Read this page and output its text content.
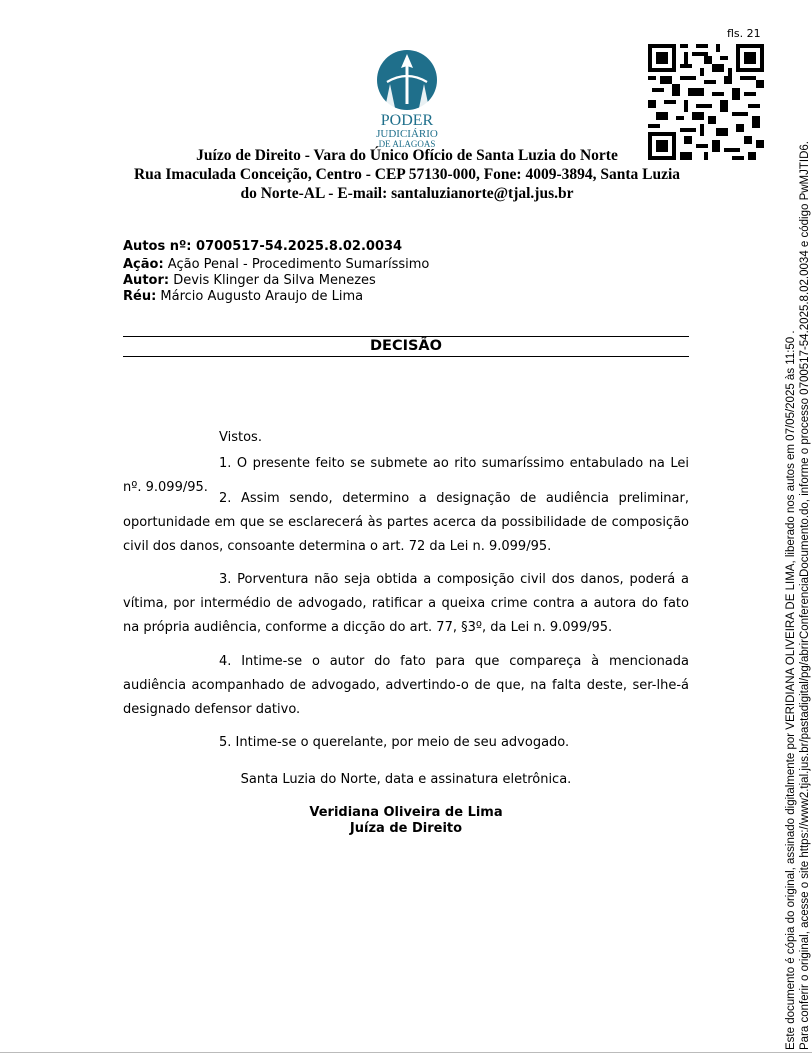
fls. 21
PODER
JUDICIÁRIO
DE ALAGOAS
Juízo de Direito - Vara do Único Ofício de Santa Luzia do Norte
Rua Imaculada Conceição, Centro - CEP 57130-000, Fone: 4009-3894, Santa Luzia
do Norte-AL - E-mail: santaluzianorte@tjal.jus.br
Autos nº: 0700517-54.2025.8.02.0034
Ação: Ação Penal - Procedimento Sumaríssimo
Autor: Devis Klinger da Silva Menezes
Réu: Márcio Augusto Araujo de Lima
DECISÃO
Vistos.
1. O presente feito se submete ao rito sumaríssimo entabulado na Lei nº. 9.099/95.
2. Assim sendo, determino a designação de audiência preliminar, oportunidade em que se esclarecerá às partes acerca da possibilidade de composição civil dos danos, consoante determina o art. 72 da Lei n. 9.099/95.
3. Porventura não seja obtida a composição civil dos danos, poderá a vítima, por intermédio de advogado, ratificar a queixa crime contra a autora do fato na própria audiência, conforme a dicção do art. 77, §3º, da Lei n. 9.099/95.
4. Intime-se o autor do fato para que compareça à mencionada audiência acompanhado de advogado, advertindo-o de que, na falta deste, ser-lhe-á designado defensor dativo.
5. Intime-se o querelante, por meio de seu advogado.
Santa Luzia do Norte, data e assinatura eletrônica.
Veridiana Oliveira de Lima
Juíza de Direito	Este documento é cópia do original, assinado digitalmente por VERIDIANA OLIVEIRA DE LIMA, liberado nos autos em 07/05/2025 às 11:50 . Para conferir o original, acesse o site https://www2.tjal.jus.br/pastadigital/pg/abrirConferenciaDocumento.do, informe o processo 0700517-54.2025.8.02.0034 e código PwMJTID6.
